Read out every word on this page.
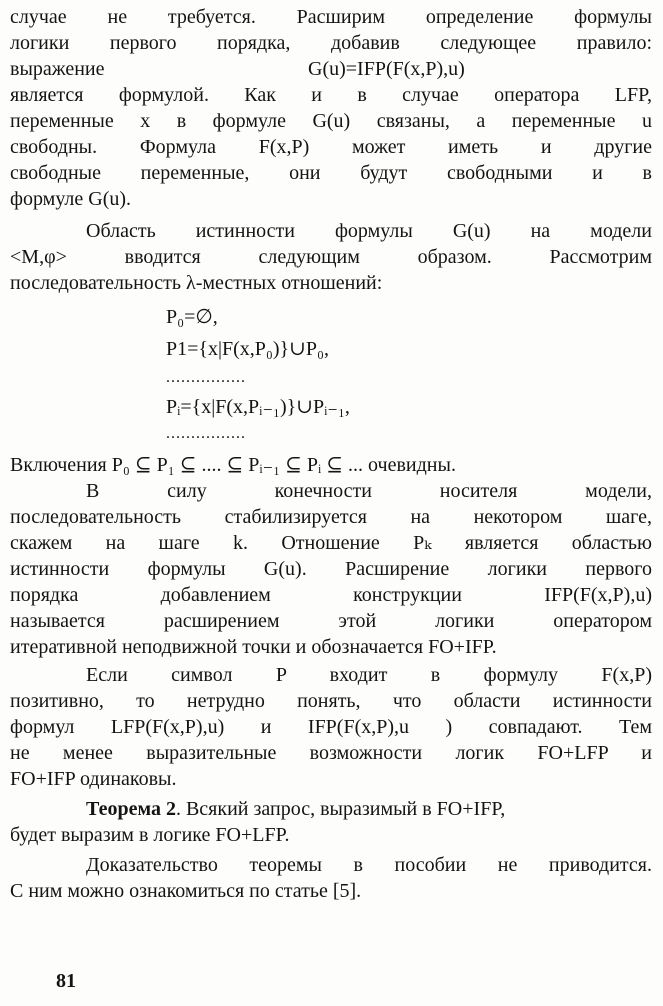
случае не требуется. Расширим определение формулы
логики первого порядка, добавив следующее правило:
выражение	G(u)=IFP(F(x,P),u)
является формулой. Как и в случае оператора LFP,
переменные x в формуле G(u) связаны, а переменные u
свободны. Формула F(x,P) может иметь и другие
свободные переменные, они будут свободными и в
формуле G(u).
Область истинности формулы G(u) на модели
<M,φ> вводится следующим образом. Рассмотрим
последовательность λ-местных отношений:
P₀=∅,
P1={x|F(x,P₀)}∪P₀,
................
Pᵢ={x|F(x,Pᵢ₋₁)}∪Pᵢ₋₁,
................
Включения P₀ ⊆ P₁ ⊆ .... ⊆ Pᵢ₋₁ ⊆ Pᵢ ⊆ ... очевидны.
В силу конечности носителя модели,
последовательность стабилизируется на некотором шаге,
скажем на шаге k. Отношение Pₖ является областью
истинности формулы G(u). Расширение логики первого
порядка добавлением конструкции IFP(F(x,P),u)
называется расширением этой логики оператором
итеративной неподвижной точки и обозначается FO+IFP.
Если символ P входит в формулу F(x,P)
позитивно, то нетрудно понять, что области истинности
формул LFP(F(x,P),u) и IFP(F(x,P),u ) совпадают. Тем
не менее выразительные возможности логик FO+LFP и
FO+IFP одинаковы.
Теорема 2. Всякий запрос, выразимый в FO+IFP,
будет выразим в логике FO+LFP.
Доказательство теоремы в пособии не приводится.
С ним можно ознакомиться по статье [5].
81
